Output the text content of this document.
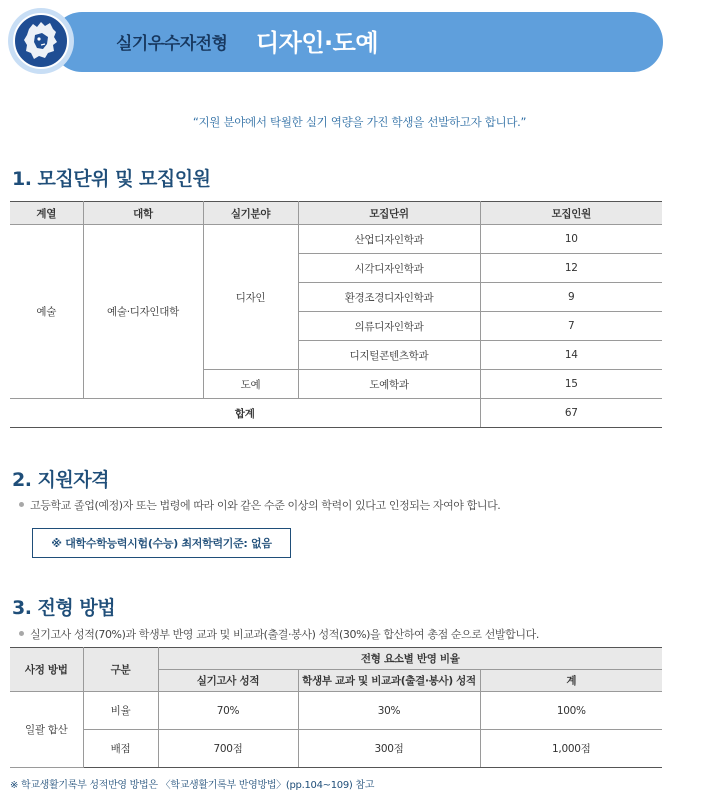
실기우수자전형 디자인·도예
“지원 분야에서 탁월한 실기 역량을 가진 학생을 선발하고자 합니다.”
1. 모집단위 및 모집인원
계열	대학	실기분야	모집단위	모집인원
예술	예술·디자인대학	디자인	산업디자인학과	10
			시각디자인학과	12
			환경조경디자인학과	9
			의류디자인학과	7
			디지털콘텐츠학과	14
		도예	도예학과	15
합계				67
2. 지원자격
고등학교 졸업(예정)자 또는 법령에 따라 이와 같은 수준 이상의 학력이 있다고 인정되는 자여야 합니다.
※ 대학수학능력시험(수능) 최저학력기준: 없음
3. 전형 방법
실기고사 성적(70%)과 학생부 반영 교과 및 비교과(출결·봉사) 성적(30%)을 합산하여 총점 순으로 선발합니다.
사정 방법	구분	전형 요소별 반영 비율		
		실기고사 성적	학생부 교과 및 비교과(출결·봉사) 성적	계
일괄 합산	비율	70%	30%	100%
	배점	700점	300점	1,000점
※ 학교생활기록부 성적반영 방법은 〈학교생활기록부 반영방법〉(pp.104~109) 참고
